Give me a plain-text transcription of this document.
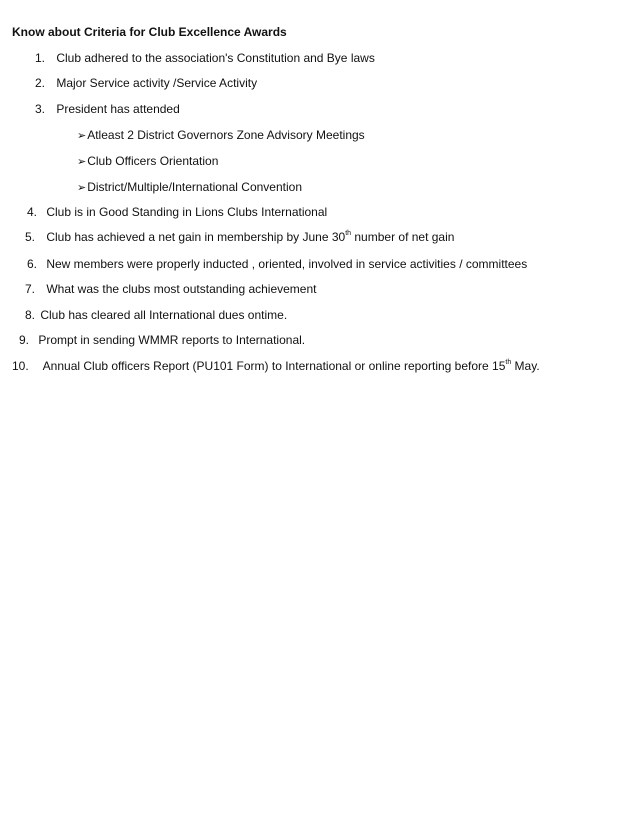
Know about Criteria for Club Excellence Awards
1. Club adhered to the association's Constitution and Bye laws
2. Major Service activity /Service Activity
3. President has attended
➢Atleast 2 District Governors Zone Advisory Meetings
➢Club Officers Orientation
➢District/Multiple/International Convention
4. Club is in Good Standing in Lions Clubs International
5. Club has achieved a net gain in membership by June 30th number of net gain
6. New members were properly inducted , oriented, involved in service activities / committees
7. What was the clubs most outstanding achievement
8. Club has cleared all International dues ontime.
9. Prompt in sending WMMR reports to International.
10. Annual Club officers Report (PU101 Form) to International or online reporting before 15th May.
